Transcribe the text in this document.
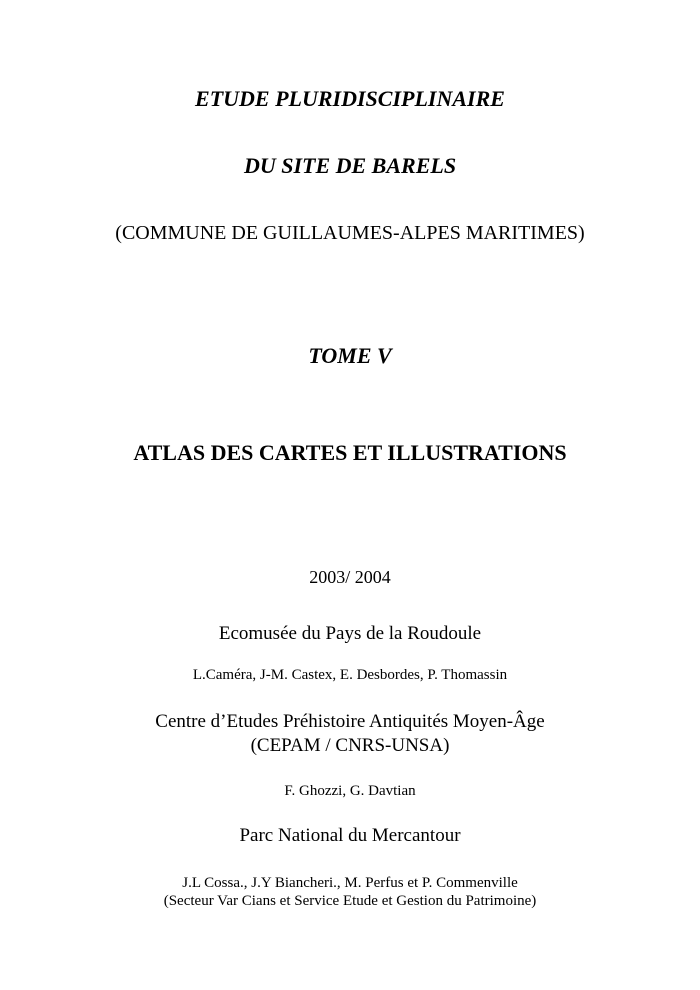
ETUDE PLURIDISCIPLINAIRE
DU SITE DE BARELS
(COMMUNE DE GUILLAUMES-ALPES MARITIMES)
TOME V
ATLAS DES CARTES ET ILLUSTRATIONS
2003/ 2004
Ecomusée du Pays de la Roudoule
L.Caméra, J-M. Castex, E. Desbordes, P. Thomassin
Centre d’Etudes Préhistoire Antiquités Moyen-Âge
(CEPAM / CNRS-UNSA)
F. Ghozzi, G. Davtian
Parc National du Mercantour
J.L Cossa., J.Y Biancheri., M. Perfus et P. Commenville
(Secteur Var Cians et Service Etude et Gestion du Patrimoine)
